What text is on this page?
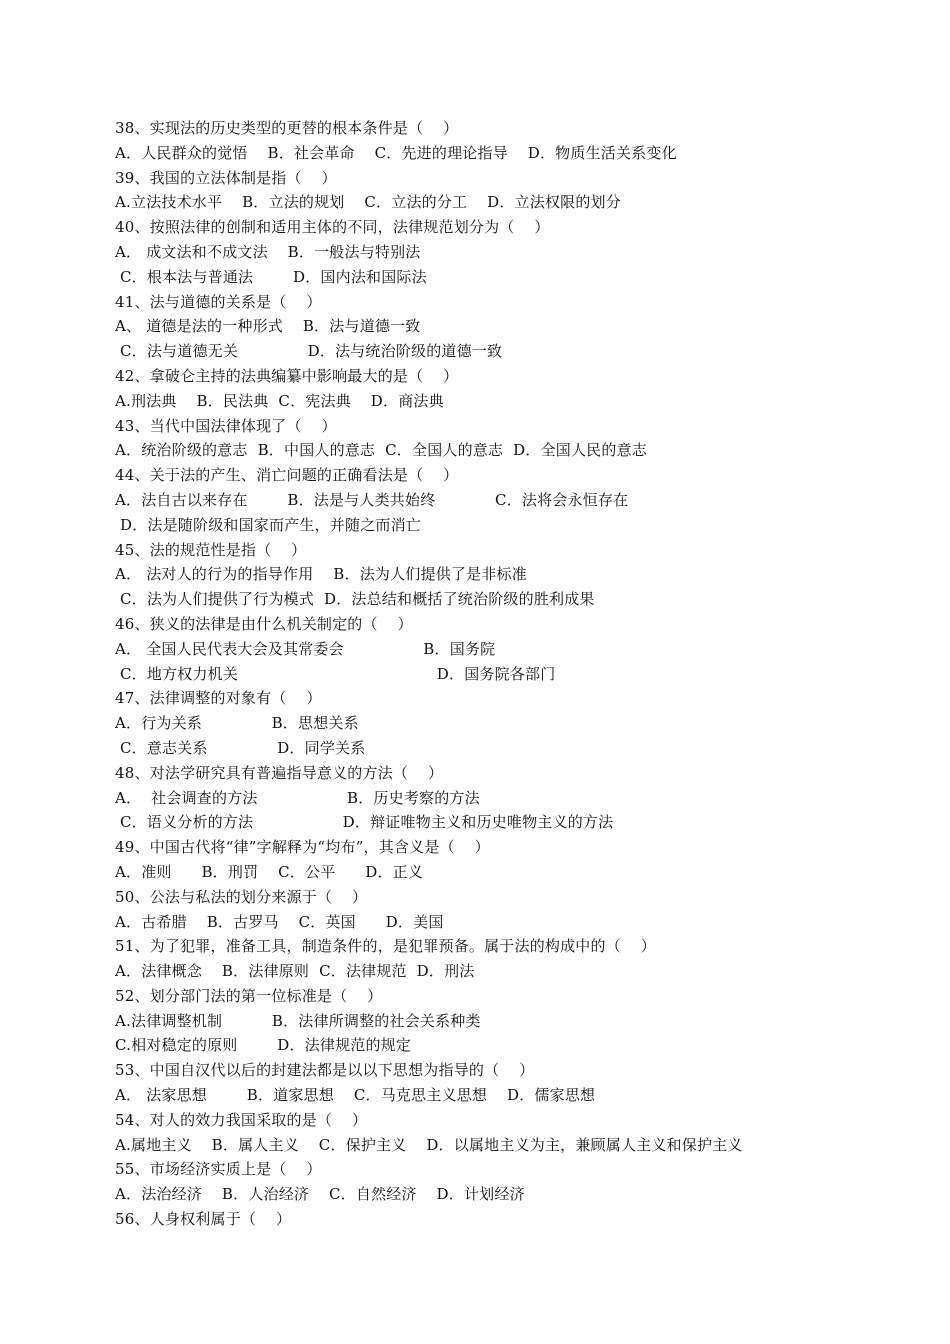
38、实现法的历史类型的更替的根本条件是（    ）
A．人民群众的觉悟    B．社会革命    C．先进的理论指导    D．物质生活关系变化
39、我国的立法体制是指（    ）
A.立法技术水平    B．立法的规划    C．立法的分工    D．立法权限的划分
40、按照法律的创制和适用主体的不同，法律规范划分为（    ）
A． 成文法和不成文法    B．一般法与特别法
C．根本法与普通法        D．国内法和国际法
41、法与道德的关系是（    ）
A、 道德是法的一种形式    B．法与道德一致
C．法与道德无关              D．法与统治阶级的道德一致
42、拿破仑主持的法典编纂中影响最大的是（    ）
A.刑法典    B．民法典  C．宪法典    D．商法典
43、当代中国法律体现了（    ）
A．统治阶级的意志  B．中国人的意志  C．全国人的意志  D．全国人民的意志
44、关于法的产生、消亡问题的正确看法是（    ）
A．法自古以来存在        B．法是与人类共始终            C．法将会永恒存在
D．法是随阶级和国家而产生，并随之而消亡
45、法的规范性是指（    ）
A． 法对人的行为的指导作用    B．法为人们提供了是非标准
C．法为人们提供了行为模式  D．法总结和概括了统治阶级的胜利成果
46、狭义的法律是由什么机关制定的（    ）
A． 全国人民代表大会及其常委会                B．国务院
C．地方权力机关                                        D．国务院各部门
47、法律调整的对象有（    ）
A．行为关系              B．思想关系
C．意志关系              D．同学关系
48、对法学研究具有普遍指导意义的方法（    ）
A．  社会调查的方法                  B．历史考察的方法
C．语义分析的方法                  D．辩证唯物主义和历史唯物主义的方法
49、中国古代将“律”字解释为“均布”，其含义是（    ）
A．准则      B．刑罚    C．公平      D．正义
50、公法与私法的划分来源于（    ）
A．古希腊    B．古罗马    C．英国      D．美国
51、为了犯罪，准备工具，制造条件的，是犯罪预备。属于法的构成中的（    ）
A．法律概念    B．法律原则  C．法律规范  D．刑法
52、划分部门法的第一位标准是（    ）
A.法律调整机制          B．法律所调整的社会关系种类
C.相对稳定的原则        D．法律规范的规定
53、中国自汉代以后的封建法都是以以下思想为指导的（    ）
A． 法家思想        B．道家思想    C．马克思主义思想    D．儒家思想
54、对人的效力我国采取的是（    ）
A.属地主义    B．属人主义    C．保护主义    D．以属地主义为主，兼顾属人主义和保护主义
55、市场经济实质上是（    ）
A．法治经济    B．人治经济    C．自然经济    D．计划经济
56、人身权利属于（    ）
